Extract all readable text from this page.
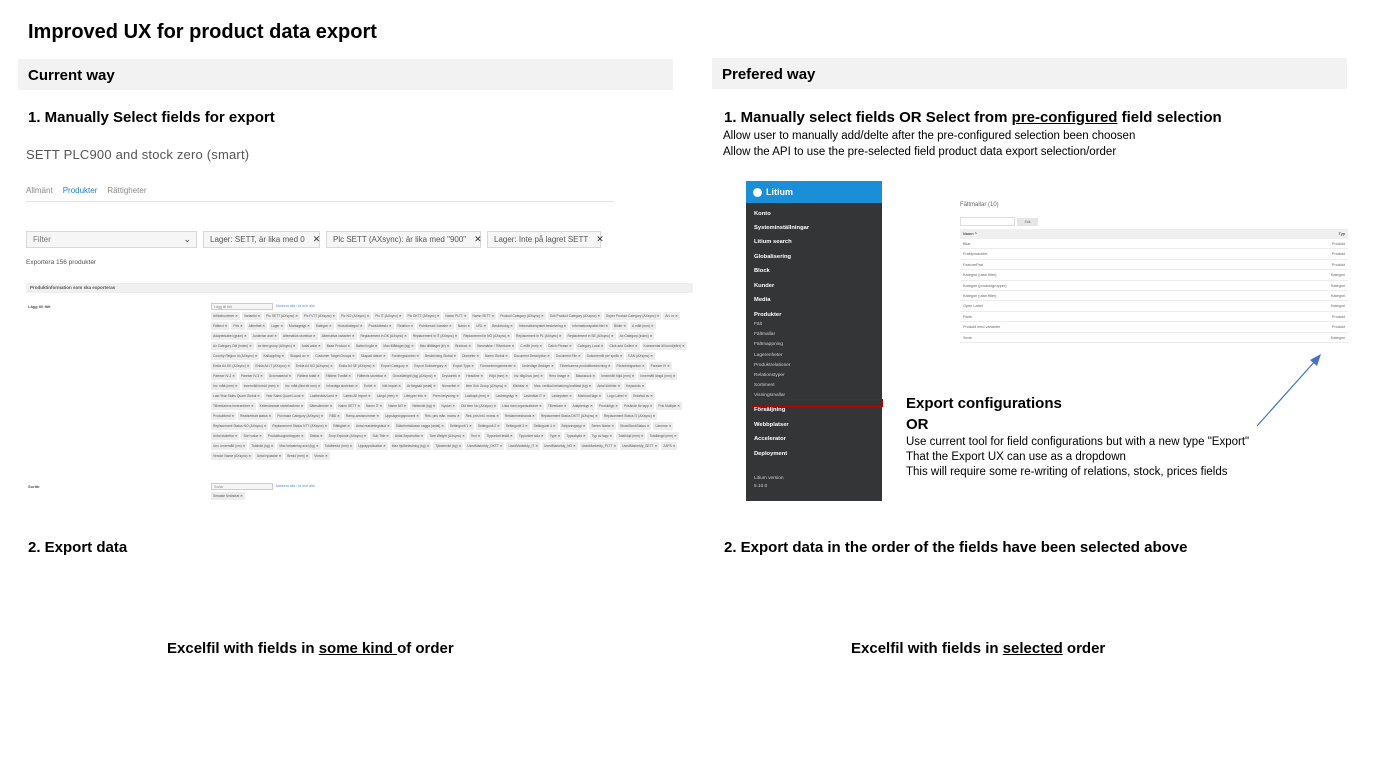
Improved UX for product data export
Current way
1. Manually Select fields for export
SETT PLC900 and stock zero (smart)
Allmänt Produkter Rättigheter
Filter	⌄ Lager: SETT, är lika med 0 ✕ Plc SETT (AXsync): är lika med "900" ✕ Lager: Inte på lagret SETT ✕
Exportera 156 produkter
Produktinformation som ska exporteras
Lägg till fält	Lägg till fält	Markera alla / ta bort alla
Artikelnummer ✕	Variantid ✕	Plc SETT (AXsync) ✕	Plc PLTT (AXsync) ✕	Plc NO (AXsync) ✕	Plc IT (AXsync) ✕	Plc DKTT (AXsync) ✕	Namn PLTT ✕	Namn SETT ✕	Product Category (AXsync) ✕	Sub Product Category (AXsync) ✕	Super Product Category (AXsync) ✕	Art. nr ✕
Fälttext ✕	Pris ✕	Allbethet ✕	Lager ✕	Montagetyp ✕	Kategori ✕	Huvudkategori ✕	Produktbeskr ✕	Realtion ✕	Publicerad i kanaler ✕	Namn ✕	URL ✕	Beskrivning ✕	Informationspaket beskrivning ✕	Informationspaket titel ✕	Bilder ✕	A mått (mm) ✕
Adapterkabel (gram) ✕	Justerbar axel ✕	Alternativa storlekar ✕	Alternativa varianter ✕	Replacement in DK (AXsync) ✕	Replacement in IT (AXsync) ✕	Replacement in NO (AXsync) ✕	Replacement in PL (AXsync) ✕	Replacement in SE (AXsync) ✕	Ax Category (index) ✕
Ax Category Old (index) ✕	ax item group (AXsync) ✕	Antal axlar ✕	Base Product ✕	Batteri ingår ✕	Max tillåtlaget (kg) ✕	Max tillåtlaget (kr) ✕	Bredvax ✕	Varumärke / Tillverkare ✕	C mått (mm) ✕	Catch Phrase ✕	Category Local ✕	Click and Collect ✕	Kommentar till kund(eller) ✕
Country Region Id (AXsync) ✕	Kalkoppling ✕	Skapad av ✕	Customer Target Groups ✕	Skapad datum ✕	Fordringskonton ✕	Beskrivning Global ✕	Diameter ✕	Namn Global ✕	Document Description ✕	Document File ✕	Dokumentfil per språk ✕	EAN (AXsync) ✕
Enkla A4 DK (AXsync) ✕	Enkla A4 IT (AXsync) ✕	Enkla A4 NO (AXsync) ✕	Enkla A4 SE (AXsync) ✕	Export Category ✕	Export Subcategory ✕	Export Type ✕	Förmonteringsintorder ✕	Underläge Ärskiger ✕	Tillverkarens produktbeskrivning ✕	Förankringsekon ✕	Pareser IV ✕
Pareser IV-2 ✕	Pareser IV-3 ✕	Grovmaterial ✕	Fälttext totalt ✕	Fälttext Tvmått ✕	Fälttexts storlekar ✕	GrossWeight (kg) (AXsync) ✕	Drystorlek ✕	Headline ✕	Höjd (mm) ✕	Inv. tillgl.hus (cm) ✕	Hero Image ✕	Blackstock ✕	Innermått höjd (mm) ✕	Innermått längd (mm) ✕
Inv. mått (mm) ✕	Innermått bredd (mm) ✕	Inv. mått (fäst ett mm) ✕	Inkrediga storleken ✕	Enhet ✕	Inkl.Import ✕	Är färgsak (antal) ✕	Numeritet ✕	Item Sub Group (AXsync) ✕	Klickbar ✕	Max. vertikal belastning kraftlast (kg) ✕	Antal körbiter ✕	Keywords ✕
Last Year Sales Quant Global ✕	Year Sales Quant Local ✕	Lastbeckts/Land ✕	Latest All Import ✕	Längd (mm) ✕	Lifetyper Info ✕	Prem belysning ✕	Lastkapt (mm) ✕	Lastningstyp ✕	Lastmätat IT ✕	Lastsystem ✕	Marknad lägs ✕	Logo Label ✕	Enkelsd av ✕
Tillverkarens leverantörer ✕	Kettevärande storleksdimer ✕	Sätesdimmer ✕	Namn SETT ✕	Namn IT ✕	Namn NO ✕	Nettovikt (kg) ✕	Nyckel ✕	Old item No (AXsync) ✕	Lista med organisationer ✕	Tillverkare ✕	Adapterkyp ✕	Produktlyp ✕	Prisände för lapp ✕	Pris Multiple ✕
Produktbeid ✕	Realiserbart status ✕	Purchase Category (AXsync) ✕	RBD ✕	Ramp-anvisnummer ✕	Uppsägningsprocent ✕	Rek. pris mån. moms ✕	Rek. pris inkl. moms ✕	Reklammeshands ✕	Replacement Status DKTT (AXsync) ✕	Replacement Status IT (AXsync) ✕
Replacement Status NO (AXsync) ✕	Replacement Status NTT (AXsync) ✕	Rättighet ✕	Antal reasteringsbud ✕	Säkerhetsklasse nagga (antal) ✕	Settingunit 1 ✕	Settingunit 2 ✕	Settingunit 3 ✕	Settingunit 4 ✕	Belysningstyp ✕	Series Name ✕	ShowStockStatus ✕	Lärmnar ✕
Antal staketlar ✕	Sort value ✕	Produktsupportlappen ✕	Status ✕	Drop Explode (AXsync) ✕	Sub Title ✕	Antal Separruttar ✕	Tare Weight (AXsync) ✕	Text ✕	Tippunket teskli ✕	Tippunket sida ✕	Type ✕	Typsakydd ✕	Typ av lapp ✕	Totalhöjd (mm) ✕	Totallängd (mm) ✕
Unv. innermått (cm) ✕	Totalvikt (kg) ✕	Max belastning axel (kg) ✕	Totalbredd (mm) ✕	Uppäppoökation ✕	Max hjulbelastning (kg) ✕	Tjänstevikt (kg) ✕	UsedMarketdy_DKTT ✕	UsedMarketdy_IT ✕	UsedMarketdy_NO ✕	UsedMarketdy_PLTT ✕	UsedMarketdy_SETT ✕	ZAPS ✕
Vendor Name (AXsync) ✕	Antal hjulaxlar ✕	Bredd (mm) ✕	Vinsch ✕
Sortär	Sortär	Markera alla / ta bort alla
Senaste förändrat ✕
2. Export data
Excelfil with fields in some kind of order
Prefered way
1. Manually select fields OR Select from pre-configured field selection
Allow user to manually add/delte after the pre-configured selection been choosen
Allow the API to use the pre-selected field product data export selection/order
Litium
Konto
Systeminställningar
Litium search
Globalisering
Block
Kunder
Media
Produkter
Fält
Fältmallar
Fältmappning
Lagerenheter
Produktrelationer
Relationstyper
Sortiment
Visningsmallar
Försäljning
Webbplatser
Accelerator
Deployment
Litium version
5.10.0
Fältmallar (10)
Sök
Namn ^	Typ
Bilar	Produkt
Fraktprodukter	Produkt
FeaturePart	Produkt
Kategori (utan filter)	Kategori
Kategori (produktgrupper)	Kategori
Kategori (utan filter)	Kategori
Open Label	Kategori
Parts	Produkt
Produkt med varianter	Produkt
Serie	Kategori
Export configurations
OR
Use current tool for field configurations but with a new type "Export"
That the Export UX can use as a dropdown
This will require some re-writing of relations, stock, prices fields
2. Export data in the order of the fields have been selected above
Excelfil with fields in selected order
